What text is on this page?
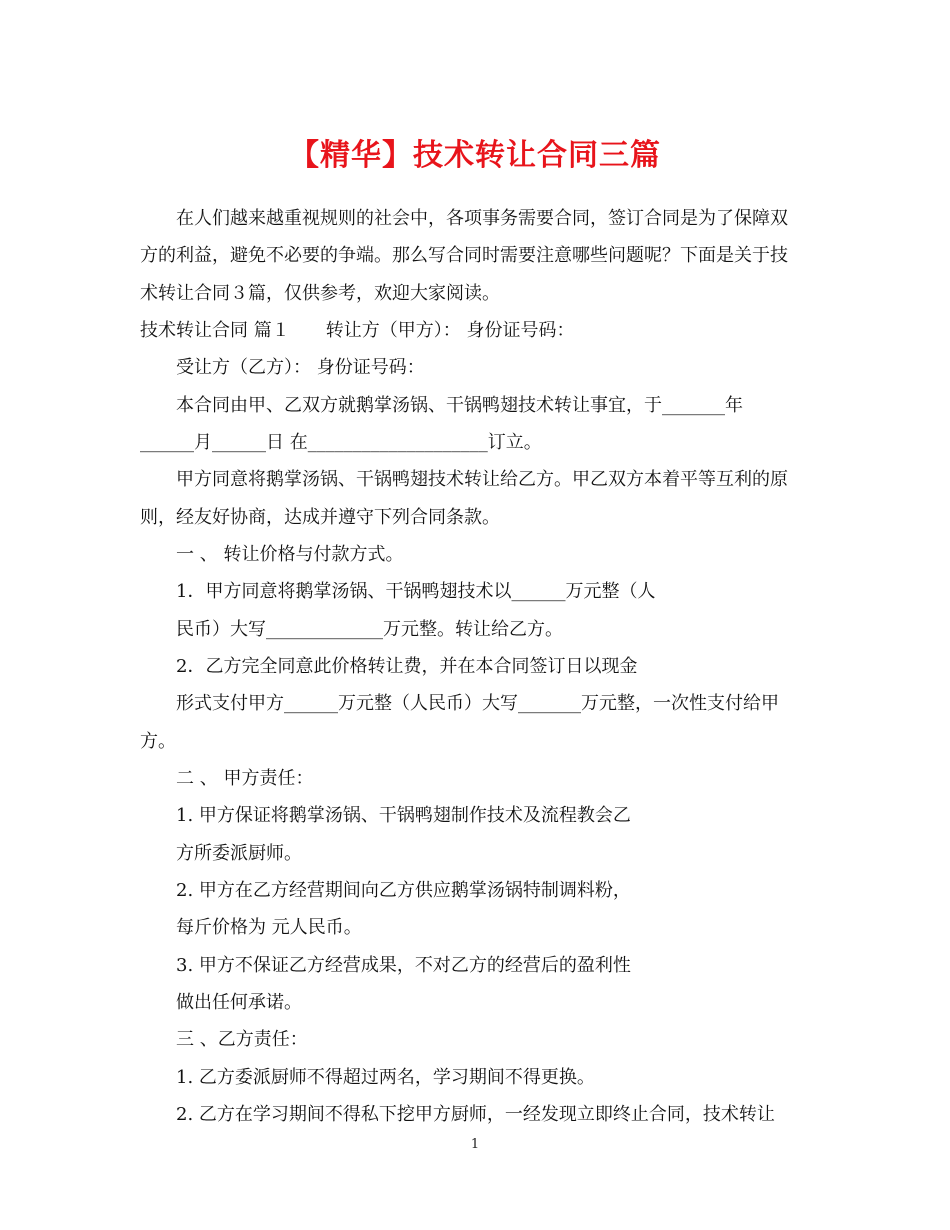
【精华】技术转让合同三篇
在人们越来越重视规则的社会中，各项事务需要合同，签订合同是为了保障双
方的利益，避免不必要的争端。那么写合同时需要注意哪些问题呢？下面是关于技
术转让合同３篇，仅供参考，欢迎大家阅读。
技术转让合同 篇１　　转让方（甲方）： 身份证号码：
受让方（乙方）： 身份证号码：
本合同由甲、乙双方就鹅掌汤锅、干锅鸭翅技术转让事宜，于_______年
______月______日 在____________________订立。
甲方同意将鹅掌汤锅、干锅鸭翅技术转让给乙方。甲乙双方本着平等互利的原
则，经友好协商，达成并遵守下列合同条款。
一 、 转让价格与付款方式。
1．甲方同意将鹅掌汤锅、干锅鸭翅技术以______万元整（人
民币）大写_____________万元整。转让给乙方。
2．乙方完全同意此价格转让费，并在本合同签订日以现金
形式支付甲方______万元整（人民币）大写_______万元整，一次性支付给甲
方。
二 、 甲方责任：
1. 甲方保证将鹅掌汤锅、干锅鸭翅制作技术及流程教会乙
方所委派厨师。
2. 甲方在乙方经营期间向乙方供应鹅掌汤锅特制调料粉，
每斤价格为 元人民币。
3. 甲方不保证乙方经营成果，不对乙方的经营后的盈利性
做出任何承诺。
三 、乙方责任：
1. 乙方委派厨师不得超过两名，学习期间不得更换。
2. 乙方在学习期间不得私下挖甲方厨师，一经发现立即终止合同，技术转让
1
